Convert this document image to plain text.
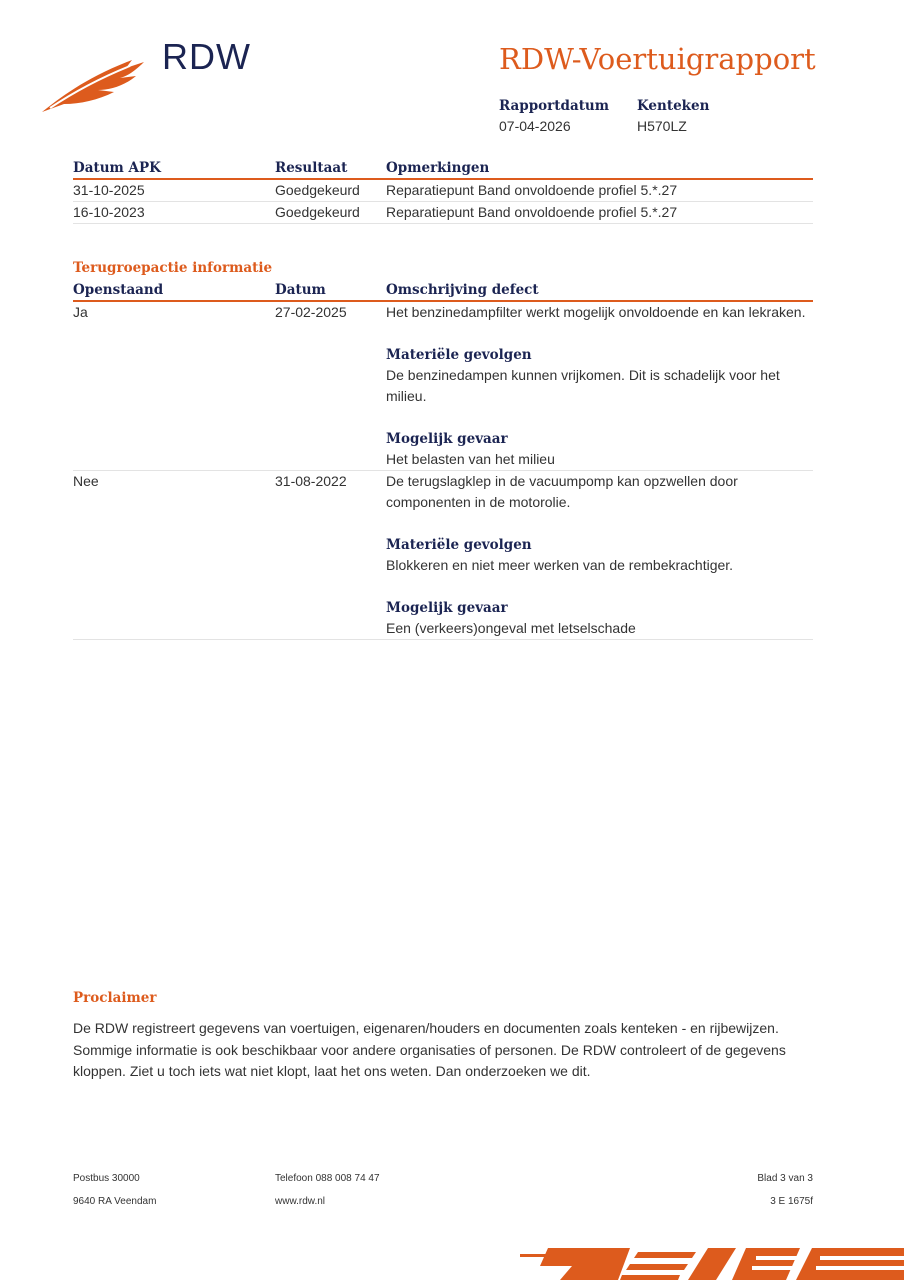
RDW	RDW-Voertuigrapport
Rapportdatum
07-04-2026
Kenteken
H570LZ
Datum APK	Resultaat	Opmerkingen
31-10-2025	Goedgekeurd	Reparatiepunt Band onvoldoende profiel 5.*.27
16-10-2023	Goedgekeurd	Reparatiepunt Band onvoldoende profiel 5.*.27
Terugroepactie informatie
Openstaand	Datum	Omschrijving defect
Ja	27-02-2025	Het benzinedampfilter werkt mogelijk onvoldoende en kan lekraken.

Materiële gevolgen

De benzinedampen kunnen vrijkomen. Dit is schadelijk voor het milieu.

Mogelijk gevaar

Het belasten van het milieu

Nee	31-08-2022	De terugslagklep in de vacuumpomp kan opzwellen door componenten in de motorolie.

Materiële gevolgen

Blokkeren en niet meer werken van de rembekrachtiger.

Mogelijk gevaar

Een (verkeers)ongeval met letselschade

Proclaimer
De RDW registreert gegevens van voertuigen, eigenaren/houders en documenten zoals kenteken - en rijbewijzen. Sommige informatie is ook beschikbaar voor andere organisaties of personen. De RDW controleert of de gegevens kloppen. Ziet u toch iets wat niet klopt, laat het ons weten. Dan onderzoeken we dit.
Postbus 30000
9640 RA Veendam
Telefoon 088 008 74 47
www.rdw.nl
Blad 3 van 3
3 E 1675f
